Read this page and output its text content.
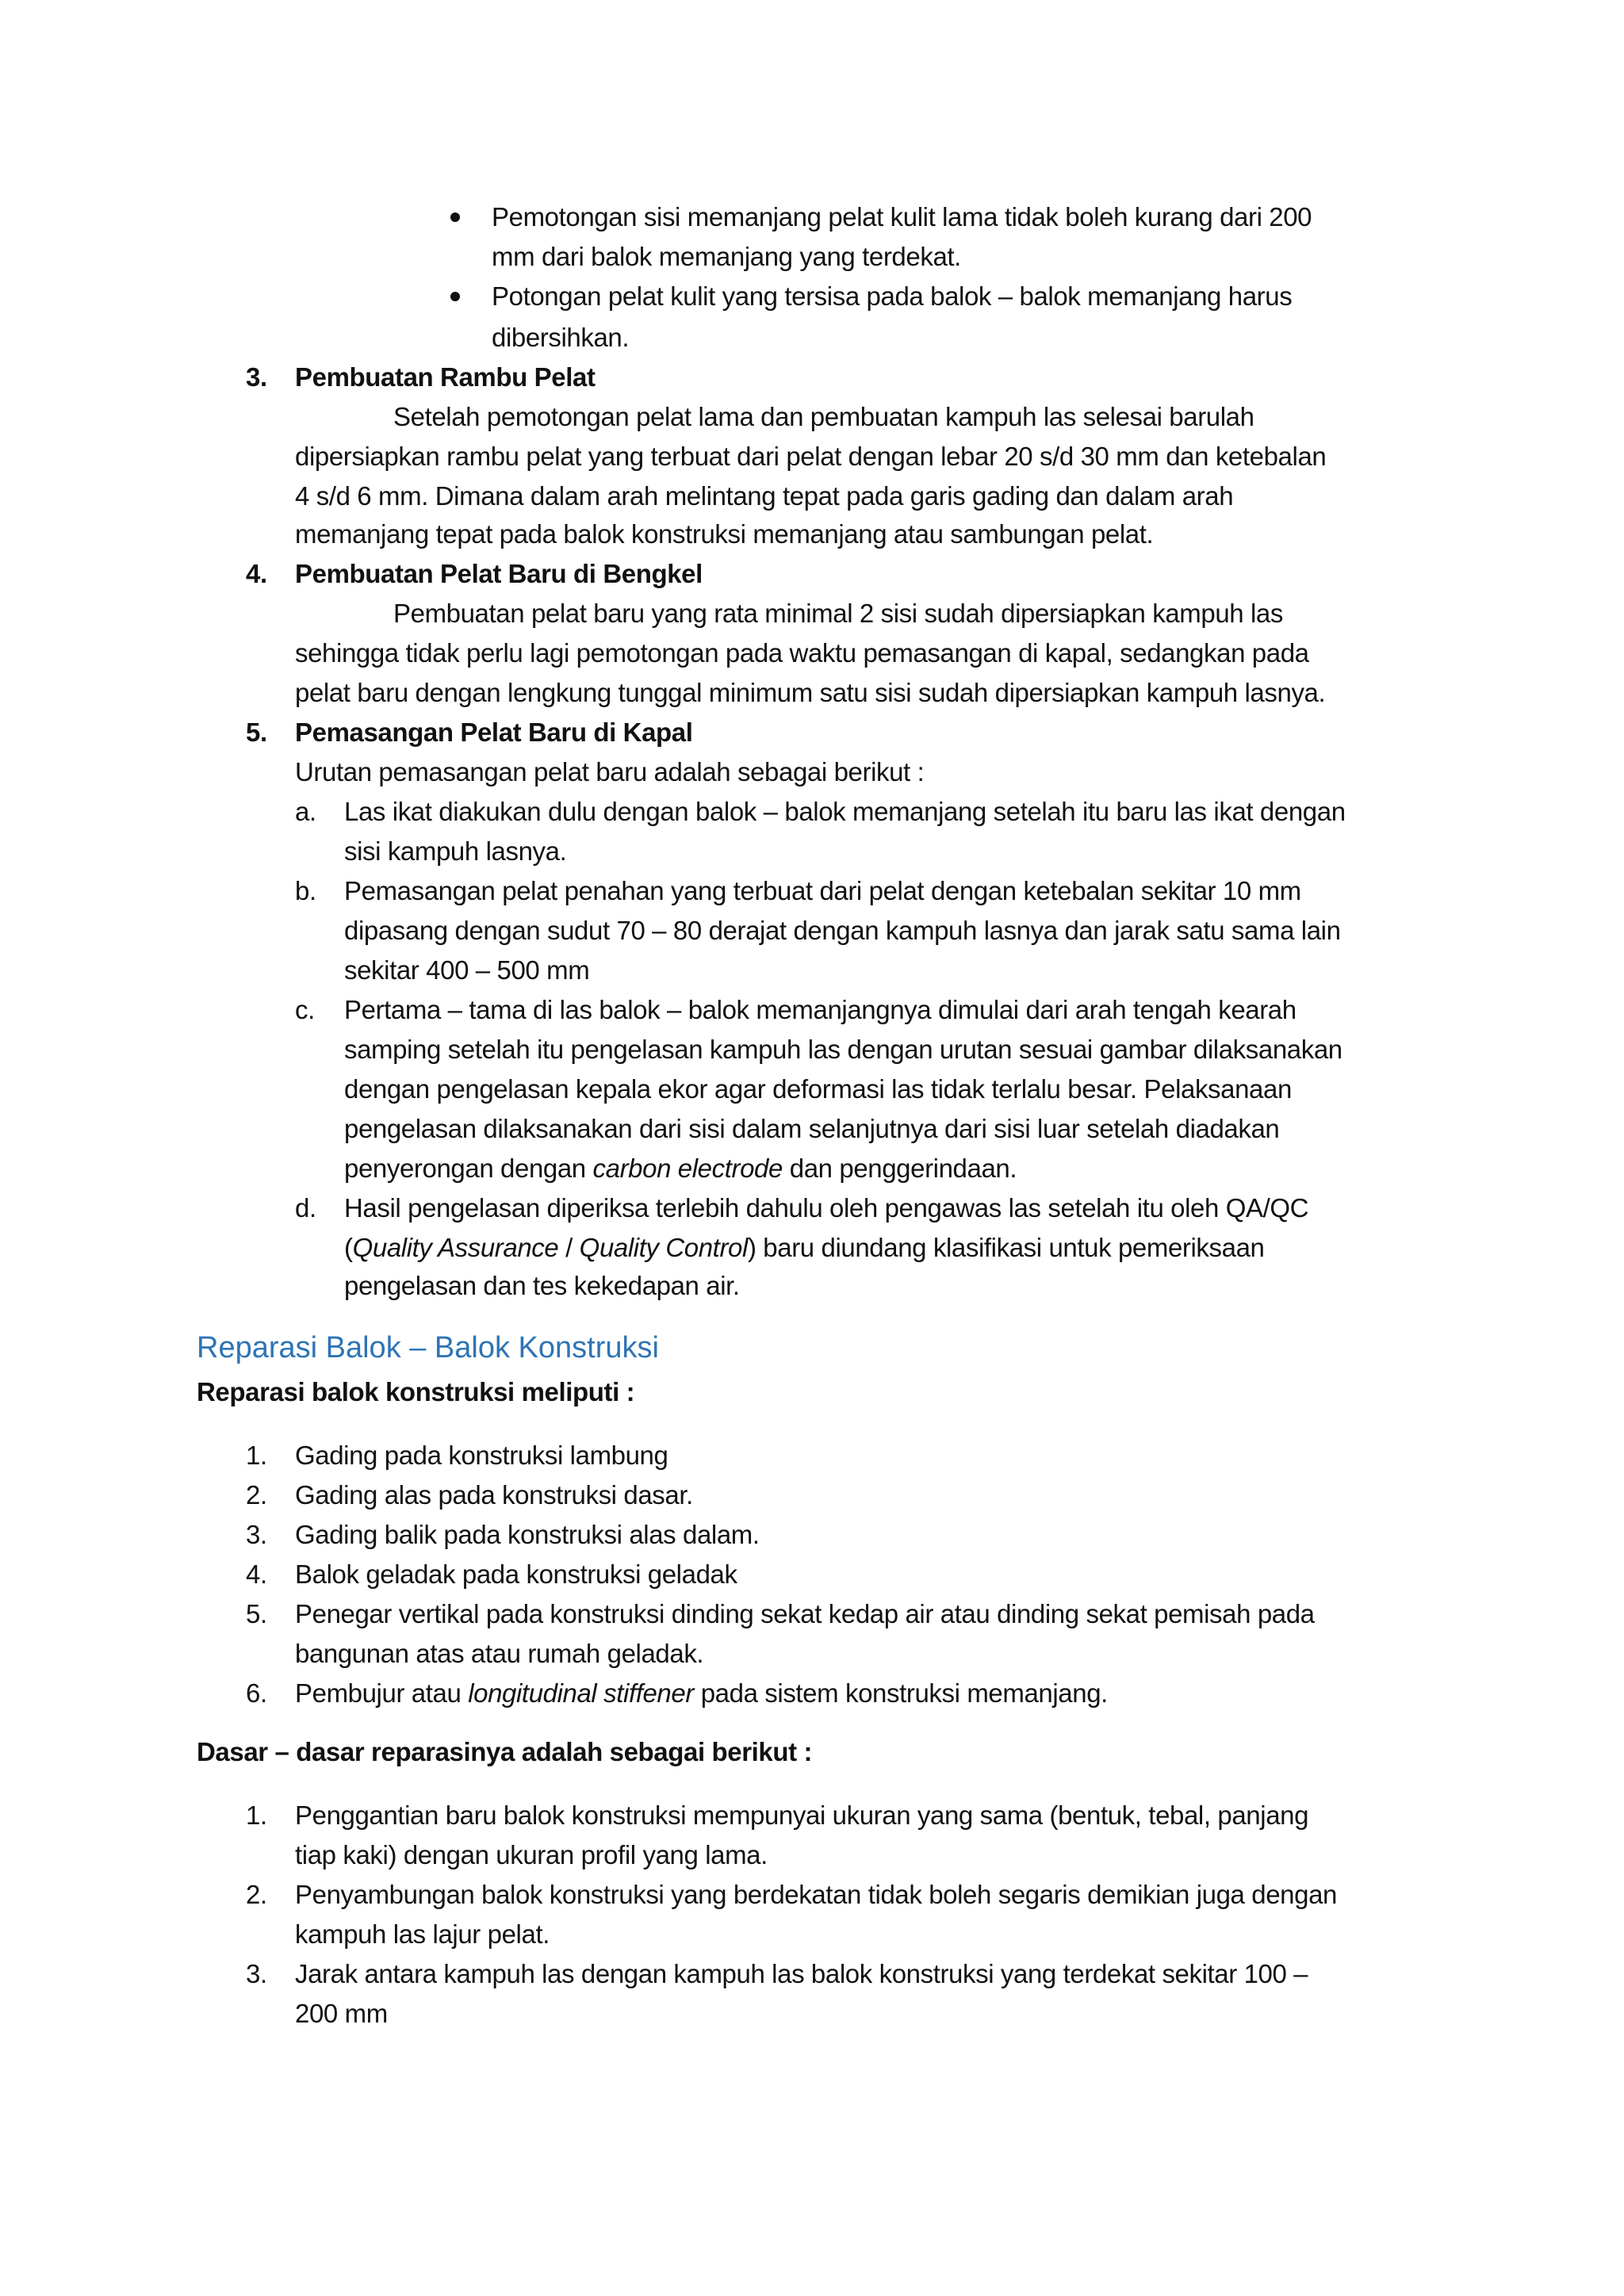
Pemotongan sisi memanjang pelat kulit lama tidak boleh kurang dari 200
mm dari balok memanjang yang terdekat.
Potongan pelat kulit yang tersisa pada balok – balok memanjang harus
dibersihkan.
3. Pembuatan Rambu Pelat
Setelah pemotongan pelat lama dan pembuatan kampuh las selesai barulah
dipersiapkan rambu pelat yang terbuat dari pelat dengan lebar 20 s/d 30 mm dan ketebalan
4 s/d 6 mm. Dimana dalam arah melintang tepat pada garis gading dan dalam arah
memanjang tepat pada balok konstruksi memanjang atau sambungan pelat.
4. Pembuatan Pelat Baru di Bengkel
Pembuatan pelat baru yang rata minimal 2 sisi sudah dipersiapkan kampuh las
sehingga tidak perlu lagi pemotongan pada waktu pemasangan di kapal, sedangkan pada
pelat baru dengan lengkung tunggal minimum satu sisi sudah dipersiapkan kampuh lasnya.
5. Pemasangan Pelat Baru di Kapal
Urutan pemasangan pelat baru adalah sebagai berikut :
a. Las ikat diakukan dulu dengan balok – balok memanjang setelah itu baru las ikat dengan
sisi kampuh lasnya.
b. Pemasangan pelat penahan yang terbuat dari pelat dengan ketebalan sekitar 10 mm
dipasang dengan sudut 70 – 80 derajat dengan kampuh lasnya dan jarak satu sama lain
sekitar 400 – 500 mm
c. Pertama – tama di las balok – balok memanjangnya dimulai dari arah tengah kearah
samping setelah itu pengelasan kampuh las dengan urutan sesuai gambar dilaksanakan
dengan pengelasan kepala ekor agar deformasi las tidak terlalu besar. Pelaksanaan
pengelasan dilaksanakan dari sisi dalam selanjutnya dari sisi luar setelah diadakan
penyerongan dengan carbon electrode dan penggerindaan.
d. Hasil pengelasan diperiksa terlebih dahulu oleh pengawas las setelah itu oleh QA/QC
(Quality Assurance / Quality Control) baru diundang klasifikasi untuk pemeriksaan
pengelasan dan tes kekedapan air.
Reparasi Balok – Balok Konstruksi
Reparasi balok konstruksi meliputi :
1. Gading pada konstruksi lambung
2. Gading alas pada konstruksi dasar.
3. Gading balik pada konstruksi alas dalam.
4. Balok geladak pada konstruksi geladak
5. Penegar vertikal pada konstruksi dinding sekat kedap air atau dinding sekat pemisah pada
bangunan atas atau rumah geladak.
6. Pembujur atau longitudinal stiffener pada sistem konstruksi memanjang.
Dasar – dasar reparasinya adalah sebagai berikut :
1. Penggantian baru balok konstruksi mempunyai ukuran yang sama (bentuk, tebal, panjang
tiap kaki) dengan ukuran profil yang lama.
2. Penyambungan balok konstruksi yang berdekatan tidak boleh segaris demikian juga dengan
kampuh las lajur pelat.
3. Jarak antara kampuh las dengan kampuh las balok konstruksi yang terdekat sekitar 100 –
200 mm
